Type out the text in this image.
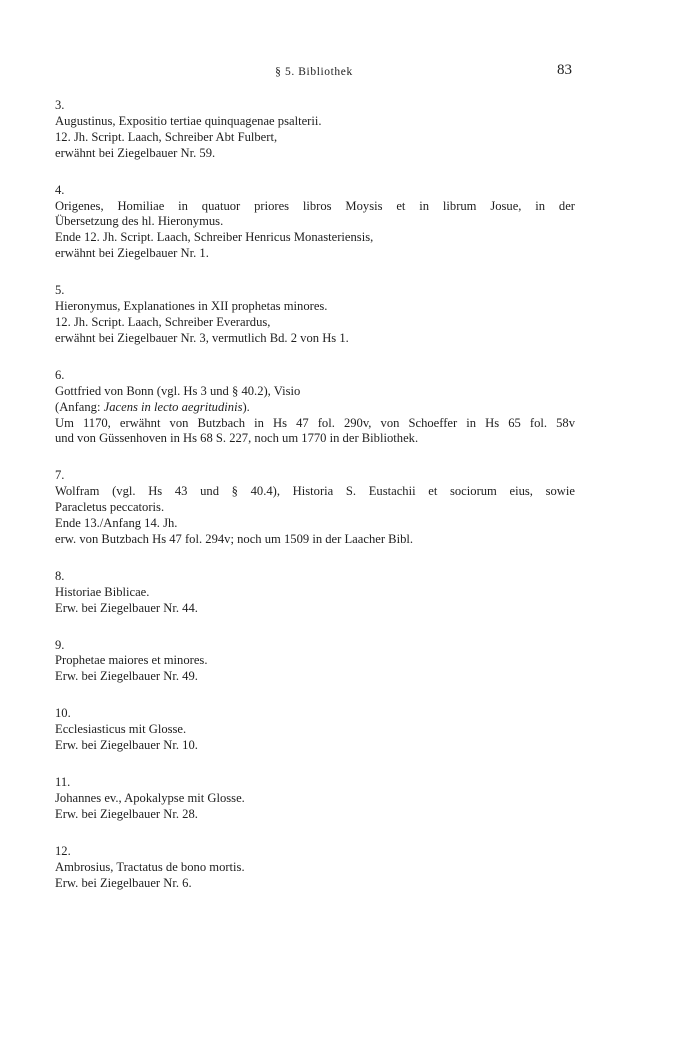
§ 5. Bibliothek	83
3.
Augustinus, Expositio tertiae quinquagenae psalterii.
12. Jh. Script. Laach, Schreiber Abt Fulbert,
erwähnt bei Ziegelbauer Nr. 59.
4.
Origenes, Homiliae in quatuor priores libros Moysis et in librum Josue, in der
Übersetzung des hl. Hieronymus.
Ende 12. Jh. Script. Laach, Schreiber Henricus Monasteriensis,
erwähnt bei Ziegelbauer Nr. 1.
5.
Hieronymus, Explanationes in XII prophetas minores.
12. Jh. Script. Laach, Schreiber Everardus,
erwähnt bei Ziegelbauer Nr. 3, vermutlich Bd. 2 von Hs 1.
6.
Gottfried von Bonn (vgl. Hs 3 und § 40.2), Visio
(Anfang: Jacens in lecto aegritudinis).
Um 1170, erwähnt von Butzbach in Hs 47 fol. 290v, von Schoeffer in Hs 65 fol. 58v
und von Güssenhoven in Hs 68 S. 227, noch um 1770 in der Bibliothek.
7.
Wolfram (vgl. Hs 43 und § 40.4), Historia S. Eustachii et sociorum eius, sowie
Paracletus peccatoris.
Ende 13./Anfang 14. Jh.
erw. von Butzbach Hs 47 fol. 294v; noch um 1509 in der Laacher Bibl.
8.
Historiae Biblicae.
Erw. bei Ziegelbauer Nr. 44.
9.
Prophetae maiores et minores.
Erw. bei Ziegelbauer Nr. 49.
10.
Ecclesiasticus mit Glosse.
Erw. bei Ziegelbauer Nr. 10.
11.
Johannes ev., Apokalypse mit Glosse.
Erw. bei Ziegelbauer Nr. 28.
12.
Ambrosius, Tractatus de bono mortis.
Erw. bei Ziegelbauer Nr. 6.
